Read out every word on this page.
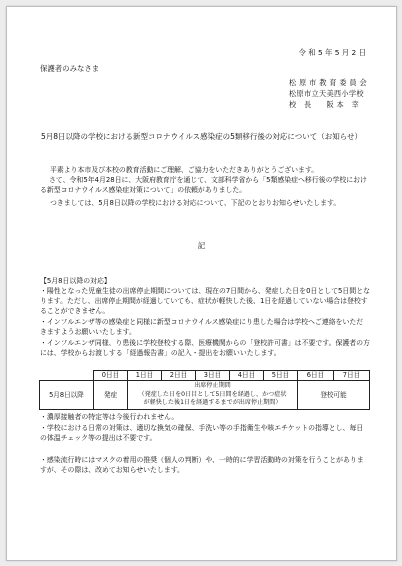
令 和 5 年 5 月 2 日
保護者のみなさま
松 原 市 教 育 委 員 会
松原市立天美西小学校
校　長　　阪 本　幸
5月8日以降の学校における新型コロナウイルス感染症の5類移行後の対応について（お知らせ）
平素より本市及び本校の教育活動にご理解、ご協力をいただきありがとうございます。
さて、令和5年4月28日に、大阪府教育庁を通じて、文部科学省から「5類感染症へ移行後の学校における新型コロナウイルス感染症対策について」の依頼がありました。
つきましては、5月8日以降の学校における対応について、下記のとおりお知らせいたします。
記
【5月8日以降の対応】
・陽性となった児童生徒の出席停止期間については、現在の7日間から、発症した日を0日として5日間となります。ただし、出席停止期間が経過していても、症状が軽快した後、1日を経過していない場合は登校することができません。
・インフルエンザ等の感染症と同様に新型コロナウイルス感染症にり患した場合は学校へご連絡をいただきますようお願いいたします。
・インフルエンザ同様、り患後に学校登校する際、医療機関からの「登校許可書」は不要です。保護者の方には、学校からお渡しする「経過報告書」の記入・提出をお願いいたします。
	0日目	1日目	2日目	3日目	4日目	5日目	6日目	7日目
5月8日以降	発症	出席停止期間
（発症した日を0日目として5日間を経過し、かつ症状
が軽快した後1日を経過するまでが出席停止期間）					登校可能	
・濃厚接触者の特定等は今後行われません。
・学校における日常の対策は、適切な換気の確保、手洗い等の手指衛生や咳エチケットの指導とし、毎日の体温チェック等の提出は不要です。
・感染流行時にはマスクの着用の推奨（個人の判断）や、一時的に学習活動時の対策を行うことがありますが、その際は、改めてお知らせいたします。
